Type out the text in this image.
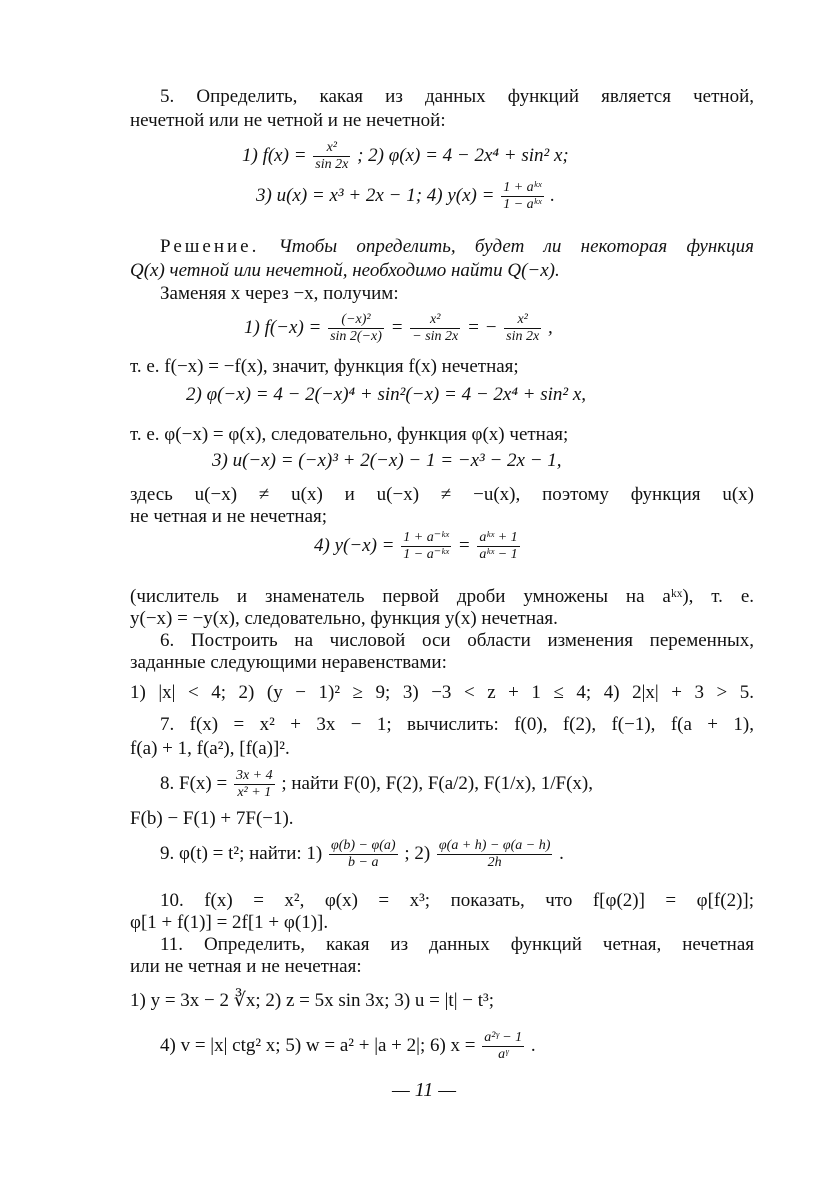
5. Определить, какая из данных функций является четной,
нечетной или не четной и не нечетной:
1) $f(x) = \frac{\text{x²}}{\sin 2x}$ ; 2) φ(x) = 4 − 2x⁴ + sin² x;
3) u(x) = x³ + 2x − 1; 4) $y(x) = \frac{\text{1 + aᵏˣ}}{\text{1 − aᵏˣ}}$ .
Решение. Чтобы определить, будет ли некоторая функция
Q(x) четной или нечетной, необходимо найти Q(−x).
Заменяя x через −x, получим:
1) $f(-x) = \frac{\text{(−x)²}}{\sin 2(-x)} = \frac{\text{x²}}{- \sin 2x}$ = − $\frac{\text{x²}}{\sin 2x}$ ,
т. е. f(−x) = −f(x), значит, функция f(x) нечетная;
2) φ(−x) = 4 − 2(−x)⁴ + sin²(−x) = 4 − 2x⁴ + sin² x,
т. е. φ(−x) = φ(x), следовательно, функция φ(x) четная;
3) u(−x) = (−x)³ + 2(−x) − 1 = −x³ − 2x − 1,
здесь u(−x) ≠ u(x) и u(−x) ≠ −u(x), поэтому функция u(x)
не четная и не нечетная;
4) $y(-x) = \frac{\text{1 + a⁻ᵏˣ}}{\text{1 − a⁻ᵏˣ}} = \frac{\text{aᵏˣ + 1}}{\text{aᵏˣ − 1}}$
(числитель и знаменатель первой дроби умножены на aᵏˣ), т. е.
y(−x) = −y(x), следовательно, функция y(x) нечетная.
6. Построить на числовой оси области изменения переменных,
заданные следующими неравенствами:
1) |x| < 4; 2) (y − 1)² ≥ 9; 3) −3 < z + 1 ≤ 4; 4) 2|x| + 3 > 5.
7. f(x) = x² + 3x − 1; вычислить: f(0), f(2), f(−1), f(a + 1),
f(a) + 1, f(a²), [f(a)]².
8. $F(x) = \frac{3x + 4}{\text{x² + 1}}$ ; найти F(0), F(2), F(a/2), F(1/x), 1/F(x),
F(b) − F(1) + 7F(−1).
9. φ(t) = t²; найти: $1) \frac{\varphi(b) - \varphi(a)}{b - a}$ ; $2) \frac{\varphi(a + h) - \varphi(a - h)}{2h}$ .
10. f(x) = x², φ(x) = x³; показать, что f[φ(2)] = φ[f(2)];
φ[1 + f(1)] = 2f[1 + φ(1)].
11. Определить, какая из данных функций четная, нечетная
или не четная и не нечетная:
1) y = 3x − 2 ∛x; 2) z = 5x sin 3x; 3) u = |t| − t³;
4) v = |x| ctg² x; 5) w = a² + |a + 2|; 6) $x = \frac{\text{a²ᵞ − 1}}{\text{aᵞ}}$ .
— 11 —
